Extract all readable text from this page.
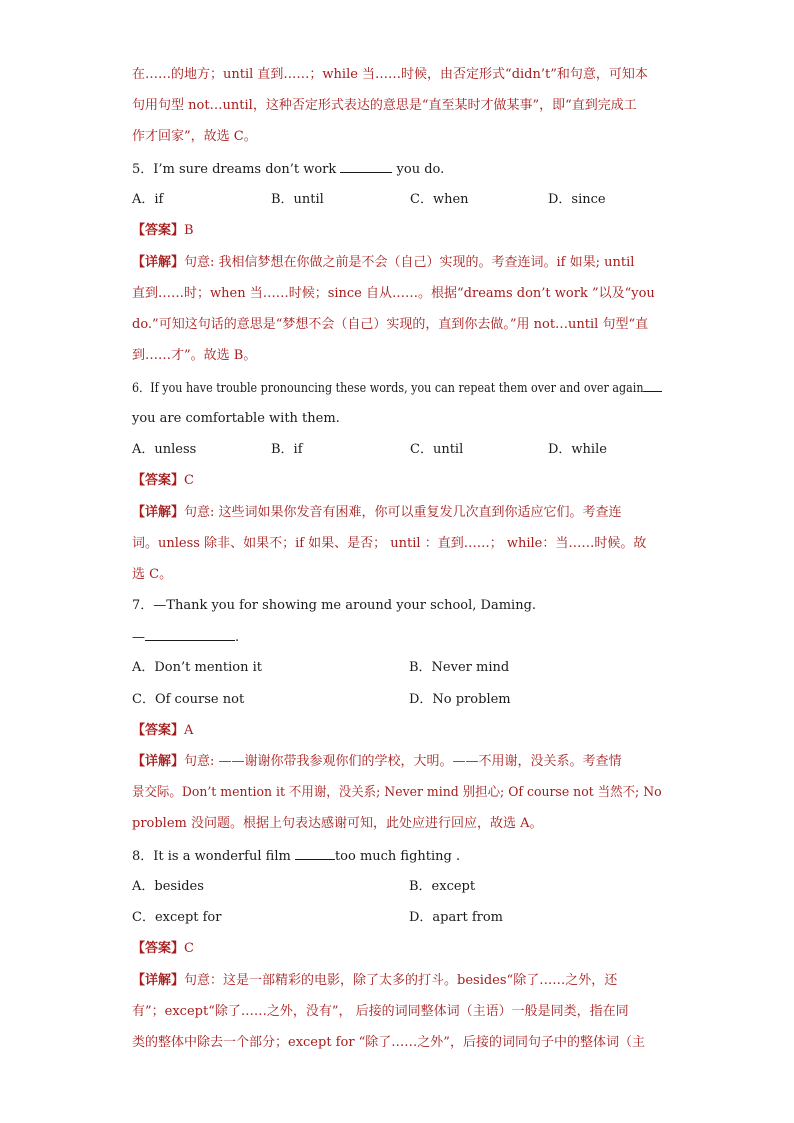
在……的地方；until 直到……；while 当……时候，由否定形式“didn’t”和句意，可知本
句用句型 not…until，这种否定形式表达的意思是“直至某时才做某事”，即“直到完成工
作才回家”，故选 C。
5．I’m sure dreams don’t work	you do.
A．if	B．until	C．when	D．since
【答案】B
【详解】句意: 我相信梦想在你做之前是不会（自己）实现的。考查连词。if 如果; until
直到……时；when 当……时候；since 自从……。根据“dreams don’t work ”以及“you
do.”可知这句话的意思是“梦想不会（自己）实现的，直到你去做。”用 not…until 句型“直
到……才”。故选 B。
6．If you have trouble pronouncing these words, you can repeat them over and over again
you are comfortable with them.
A．unless	B．if	C．until	D．while
【答案】C
【详解】句意: 这些词如果你发音有困难，你可以重复发几次直到你适应它们。考查连
词。unless 除非、如果不；if 如果、是否； until ：直到……； while：当……时候。故
选 C。
7．—Thank you for showing me around your school, Daming.
—	.
A．Don’t mention it	B．Never mind
C．Of course not	D．No problem
【答案】A
【详解】句意: ——谢谢你带我参观你们的学校，大明。——不用谢，没关系。考查情
景交际。Don’t mention it 不用谢，没关系; Never mind 别担心; Of course not 当然不; No
problem 没问题。根据上句表达感谢可知，此处应进行回应，故选 A。
8．It is a wonderful film	too much fighting .
A．besides	B．except
C．except for	D．apart from
【答案】C
【详解】句意：这是一部精彩的电影，除了太多的打斗。besides“除了……之外，还
有”；except“除了……之外，没有”， 后接的词同整体词（主语）一般是同类，指在同
类的整体中除去一个部分；except for “除了……之外”，后接的词同句子中的整体词（主
